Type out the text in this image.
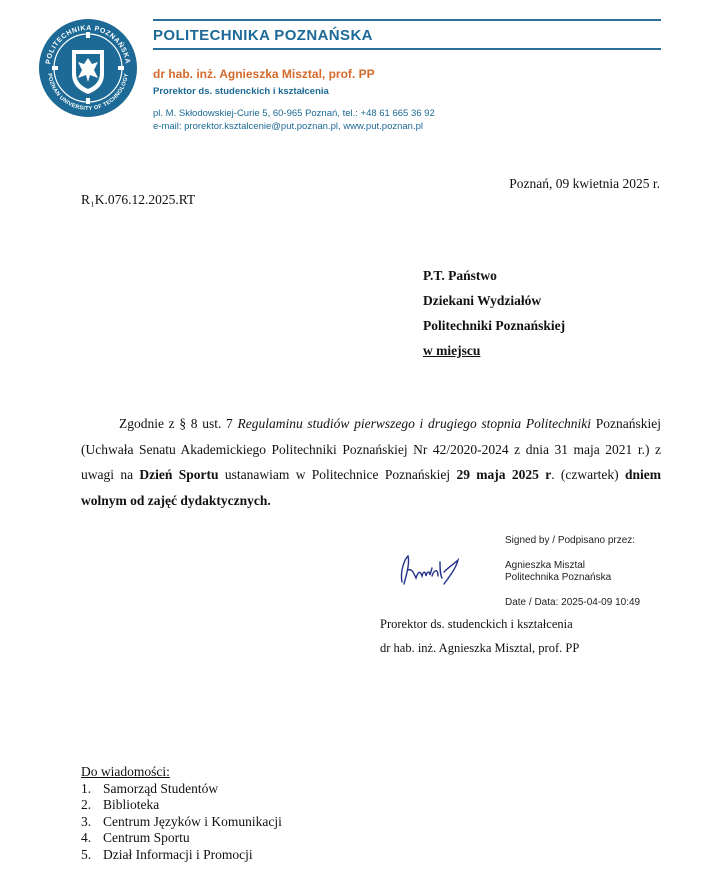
POLITECHNIKA POZNAŃSKA
POZNAN UNIVERSITY OF TECHNOLOGY
POLITECHNIKA POZNAŃSKA
dr hab. inż. Agnieszka Misztal, prof. PP
Prorektor ds. studenckich i kształcenia
pl. M. Skłodowskiej-Curie 5, 60-965 Poznań, tel.: +48 61 665 36 92
e-mail: prorektor.ksztalcenie@put.poznan.pl, www.put.poznan.pl
Poznań, 09 kwietnia 2025 r.
R₁K.076.12.2025.RT
P.T. Państwo
Dziekani Wydziałów
Politechniki Poznańskiej
w miejscu
Zgodnie z § 8 ust. 7 Regulaminu studiów pierwszego i drugiego stopnia Politechniki Poznańskiej (Uchwała Senatu Akademickiego Politechniki Poznańskiej Nr 42/2020-2024 z dnia 31 maja 2021 r.) z uwagi na Dzień Sportu ustanawiam w Politechnice Poznańskiej 29 maja 2025 r. (czwartek) dniem wolnym od zajęć dydaktycznych.
Signed by / Podpisano przez:
Agnieszka Misztal
Politechnika Poznańska
Date / Data: 2025-04-09 10:49
Prorektor ds. studenckich i kształcenia
dr hab. inż. Agnieszka Misztal, prof. PP
Do wiadomości:
1. Samorząd Studentów
2. Biblioteka
3. Centrum Języków i Komunikacji
4. Centrum Sportu
5. Dział Informacji i Promocji
